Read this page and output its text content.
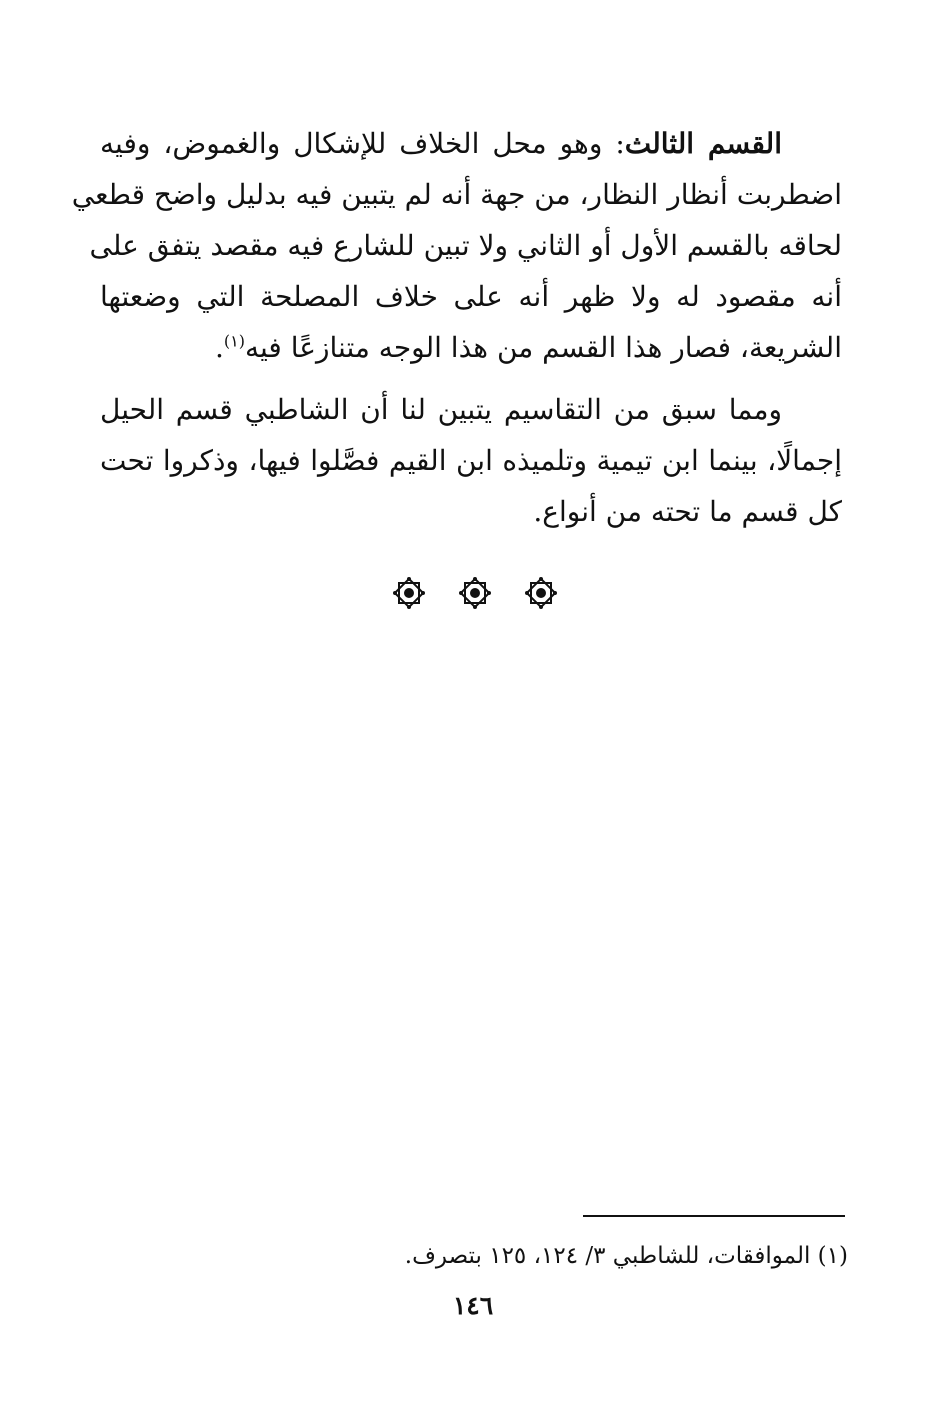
القسم الثالث: وهو محل الخلاف للإشكال والغموض، وفيه
اضطربت أنظار النظار، من جهة أنه لم يتبين فيه بدليل واضح قطعي
لحاقه بالقسم الأول أو الثاني ولا تبين للشارع فيه مقصد يتفق على
أنه مقصود له ولا ظهر أنه على خلاف المصلحة التي وضعتها
الشريعة، فصار هذا القسم من هذا الوجه متنازعًا فيه$^{(١)}$.
ومما سبق من التقاسيم يتبين لنا أن الشاطبي قسم الحيل
إجمالًا، بينما ابن تيمية وتلميذه ابن القيم فصَّلوا فيها، وذكروا تحت
كل قسم ما تحته من أنواع.
(١) الموافقات، للشاطبي ٣/ ١٢٤، ١٢٥ بتصرف.
١٤٦
